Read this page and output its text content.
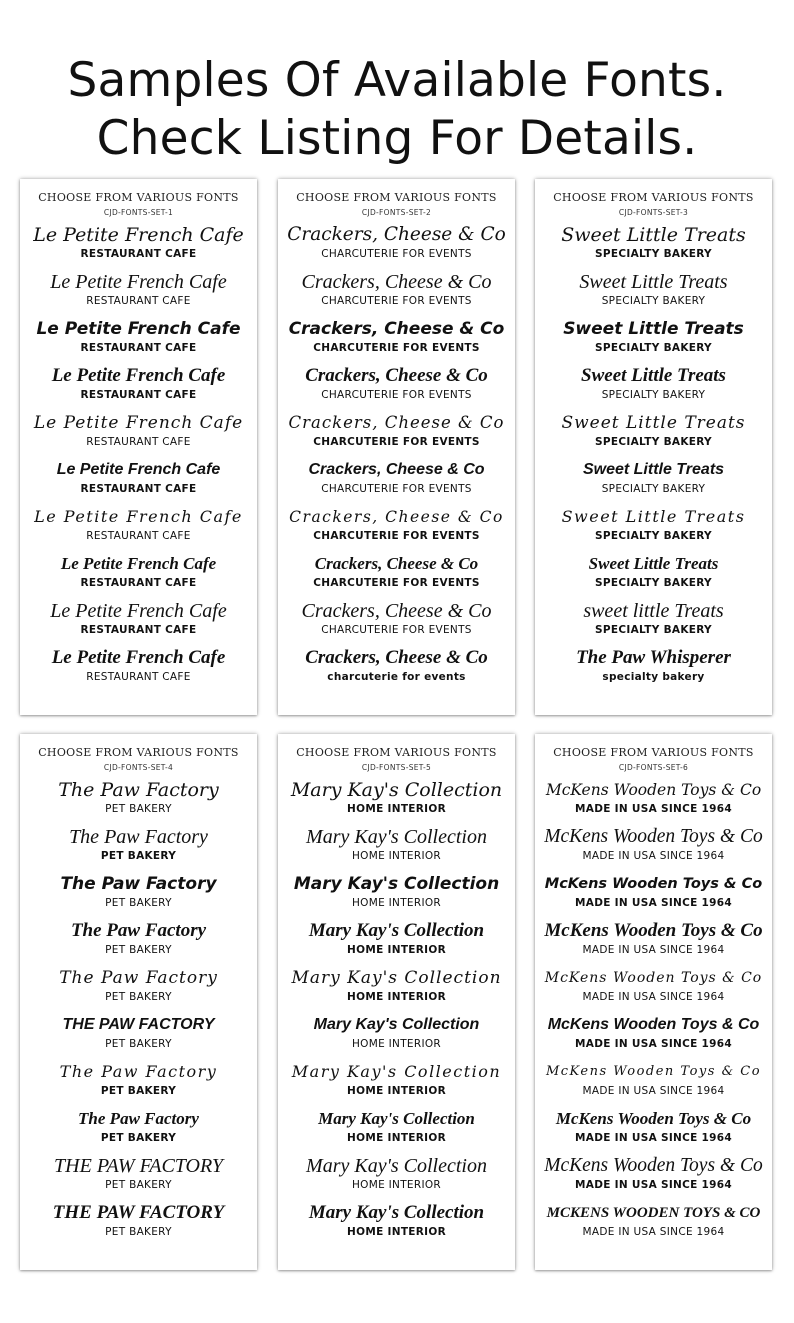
Samples Of Available Fonts.
Check Listing For Details.
CHOOSE FROM VARIOUS FONTS
CJD-FONTS-SET-1
Le Petite French Cafe
RESTAURANT CAFE
Le Petite French Cafe
RESTAURANT CAFE
Le Petite French Cafe
RESTAURANT CAFE
Le Petite French Cafe
RESTAURANT CAFE
Le Petite French Cafe
RESTAURANT CAFE
Le Petite French Cafe
RESTAURANT CAFE
Le Petite French Cafe
RESTAURANT CAFE
Le Petite French Cafe
RESTAURANT CAFE
Le Petite French Cafe
RESTAURANT CAFE
Le Petite French Cafe
RESTAURANT CAFE
CHOOSE FROM VARIOUS FONTS
CJD-FONTS-SET-2
Crackers, Cheese & Co
CHARCUTERIE FOR EVENTS
Crackers, Cheese & Co
CHARCUTERIE FOR EVENTS
Crackers, Cheese & Co
CHARCUTERIE FOR EVENTS
Crackers, Cheese & Co
CHARCUTERIE FOR EVENTS
Crackers, Cheese & Co
CHARCUTERIE FOR EVENTS
Crackers, Cheese & Co
CHARCUTERIE FOR EVENTS
Crackers, Cheese & Co
CHARCUTERIE FOR EVENTS
Crackers, Cheese & Co
CHARCUTERIE FOR EVENTS
Crackers, Cheese & Co
CHARCUTERIE FOR EVENTS
Crackers, Cheese & Co
charcuterie for events
CHOOSE FROM VARIOUS FONTS
CJD-FONTS-SET-3
Sweet Little Treats
SPECIALTY BAKERY
Sweet Little Treats
SPECIALTY BAKERY
Sweet Little Treats
SPECIALTY BAKERY
Sweet Little Treats
SPECIALTY BAKERY
Sweet Little Treats
SPECIALTY BAKERY
Sweet Little Treats
SPECIALTY BAKERY
Sweet Little Treats
SPECIALTY BAKERY
Sweet Little Treats
SPECIALTY BAKERY
sweet little Treats
SPECIALTY BAKERY
The Paw Whisperer
specialty bakery
CHOOSE FROM VARIOUS FONTS
CJD-FONTS-SET-4
The Paw Factory
PET BAKERY
The Paw Factory
PET BAKERY
The Paw Factory
PET BAKERY
The Paw Factory
PET BAKERY
The Paw Factory
PET BAKERY
THE PAW FACTORY
PET BAKERY
The Paw Factory
PET BAKERY
The Paw Factory
PET BAKERY
THE PAW FACTORY
PET BAKERY
THE PAW FACTORY
PET BAKERY
CHOOSE FROM VARIOUS FONTS
CJD-FONTS-SET-5
Mary Kay's Collection
HOME INTERIOR
Mary Kay's Collection
HOME INTERIOR
Mary Kay's Collection
HOME INTERIOR
Mary Kay's Collection
HOME INTERIOR
Mary Kay's Collection
HOME INTERIOR
Mary Kay's Collection
HOME INTERIOR
Mary Kay's Collection
HOME INTERIOR
Mary Kay's Collection
HOME INTERIOR
Mary Kay's Collection
HOME INTERIOR
Mary Kay's Collection
HOME INTERIOR
CHOOSE FROM VARIOUS FONTS
CJD-FONTS-SET-6
McKens Wooden Toys & Co
MADE IN USA SINCE 1964
McKens Wooden Toys & Co
MADE IN USA SINCE 1964
McKens Wooden Toys & Co
MADE IN USA SINCE 1964
McKens Wooden Toys & Co
MADE IN USA SINCE 1964
McKens Wooden Toys & Co
MADE IN USA SINCE 1964
McKens Wooden Toys & Co
MADE IN USA SINCE 1964
McKens Wooden Toys & Co
MADE IN USA SINCE 1964
McKens Wooden Toys & Co
MADE IN USA SINCE 1964
McKens Wooden Toys & Co
MADE IN USA SINCE 1964
MCKENS WOODEN TOYS & CO
MADE IN USA SINCE 1964
